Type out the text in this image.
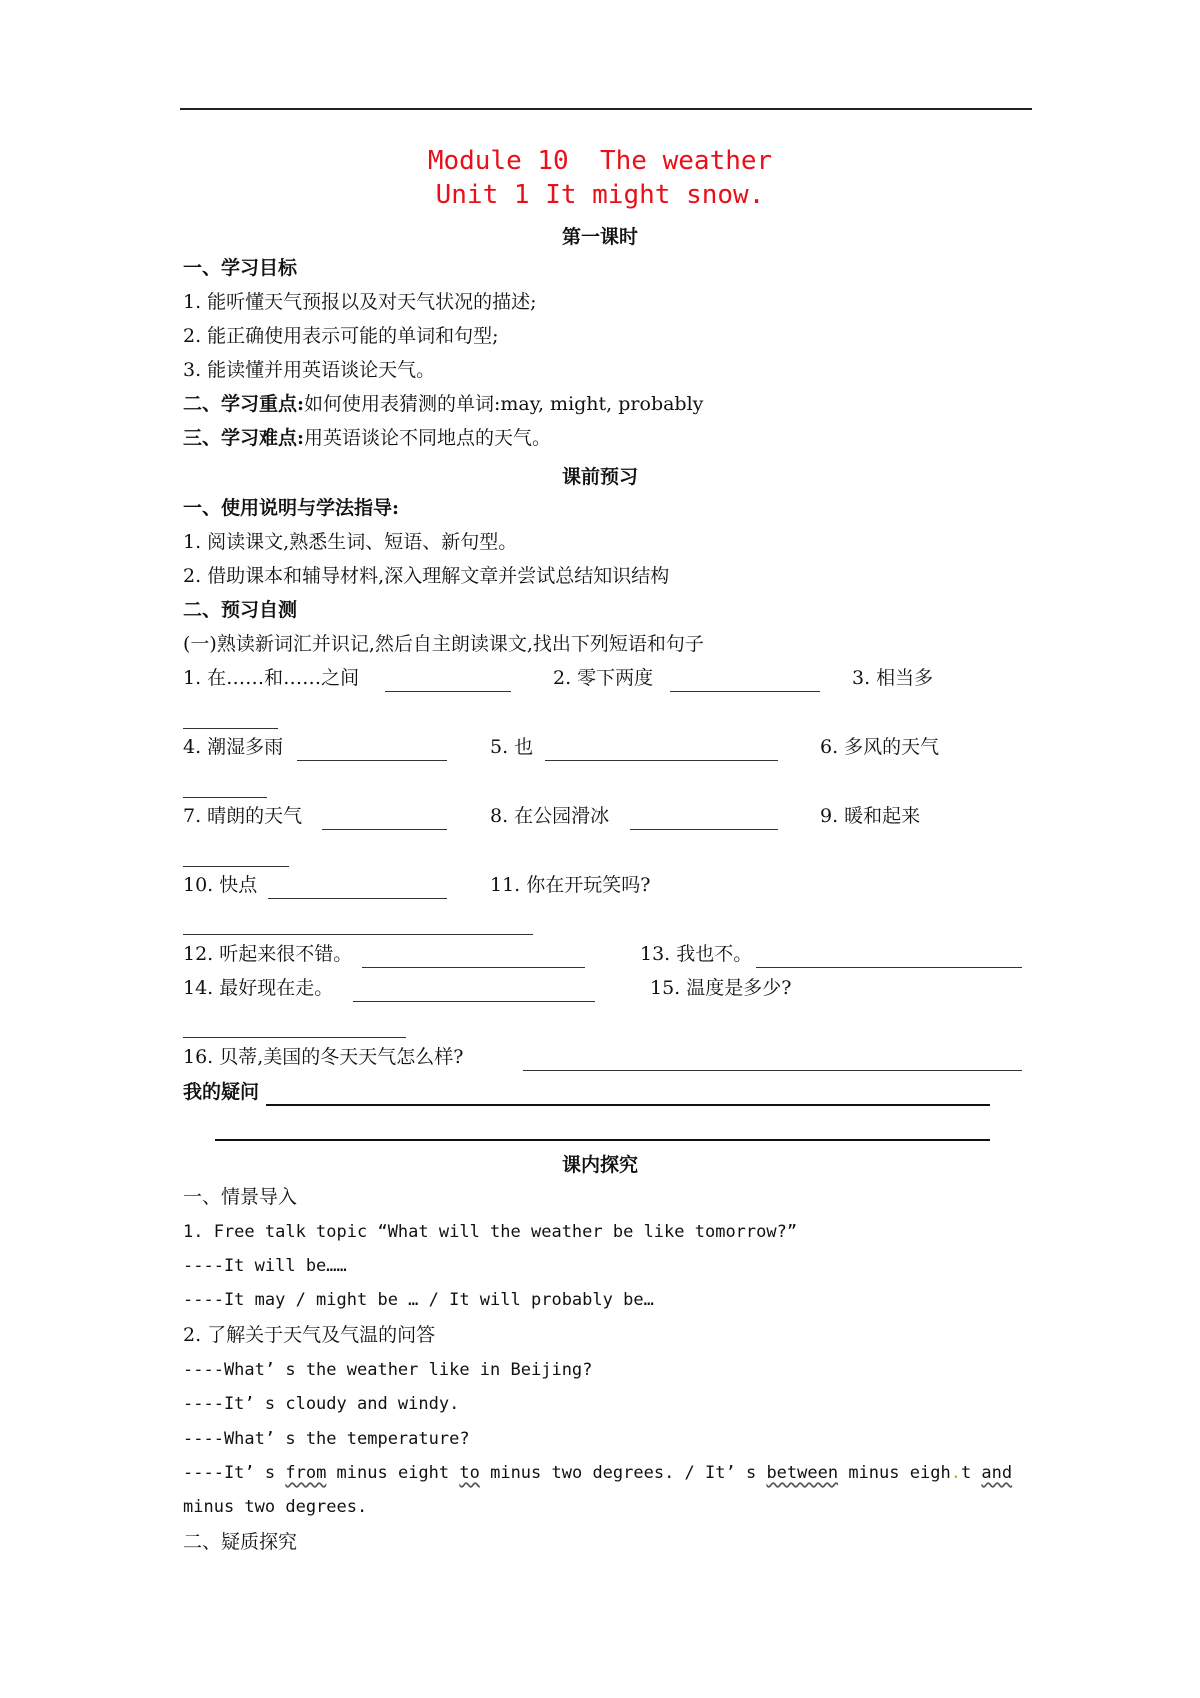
Module 10  The weather
Unit 1 It might snow.
第一课时
一、学习目标
1. 能听懂天气预报以及对天气状况的描述;
2. 能正确使用表示可能的单词和句型;
3. 能读懂并用英语谈论天气。
二、学习重点:如何使用表猜测的单词:may, might, probably
三、学习难点:用英语谈论不同地点的天气。
课前预习
一、使用说明与学法指导:
1. 阅读课文,熟悉生词、短语、新句型。
2. 借助课本和辅导材料,深入理解文章并尝试总结知识结构
二、预习自测
(一)熟读新词汇并识记,然后自主朗读课文,找出下列短语和句子
1. 在……和……之间	2. 零下两度	3. 相当多
4. 潮湿多雨	5. 也	6. 多风的天气
7. 晴朗的天气	8. 在公园滑冰	9. 暖和起来
10. 快点	11. 你在开玩笑吗?
12. 听起来很不错。	13. 我也不。
14. 最好现在走。	15. 温度是多少?
16. 贝蒂,美国的冬天天气怎么样?
我的疑问
课内探究
一、情景导入
1. Free talk topic “What will the weather be like tomorrow?”
----It will be……
----It may / might be … / It will probably be…
2. 了解关于天气及气温的问答
----What’ s the weather like in Beijing?
----It’ s cloudy and windy.
----What’ s the temperature?
----It’ s from minus eight to minus two degrees. / It’ s between minus eigh.t and
minus two degrees.
二、疑质探究
